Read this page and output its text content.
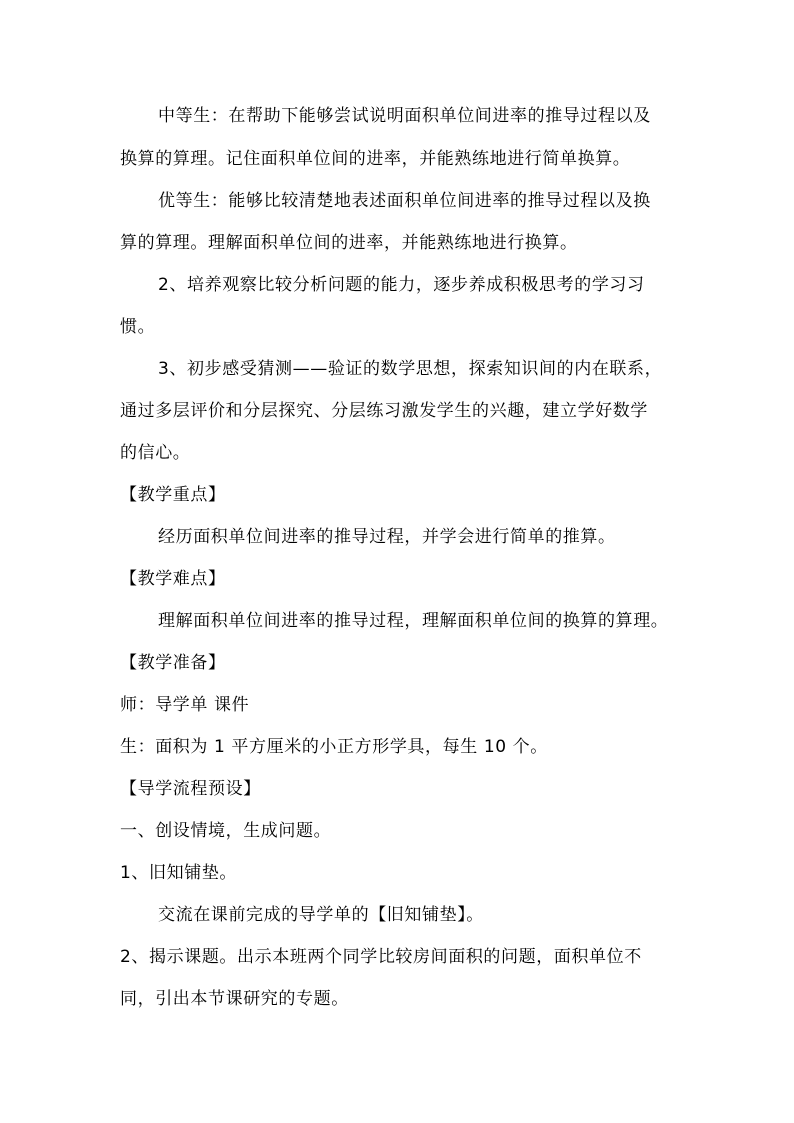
中等生：在帮助下能够尝试说明面积单位间进率的推导过程以及
换算的算理。记住面积单位间的进率，并能熟练地进行简单换算。
优等生：能够比较清楚地表述面积单位间进率的推导过程以及换
算的算理。理解面积单位间的进率，并能熟练地进行换算。
2、培养观察比较分析问题的能力，逐步养成积极思考的学习习
惯。
3、初步感受猜测——验证的数学思想，探索知识间的内在联系，
通过多层评价和分层探究、分层练习激发学生的兴趣，建立学好数学
的信心。
【教学重点】
经历面积单位间进率的推导过程，并学会进行简单的推算。
【教学难点】
理解面积单位间进率的推导过程，理解面积单位间的换算的算理。
【教学准备】
师：导学单 课件
生：面积为 1 平方厘米的小正方形学具，每生 10 个。
【导学流程预设】
一、创设情境，生成问题。
1、旧知铺垫。
交流在课前完成的导学单的【旧知铺垫】。
2、揭示课题。出示本班两个同学比较房间面积的问题，面积单位不
同，引出本节课研究的专题。
